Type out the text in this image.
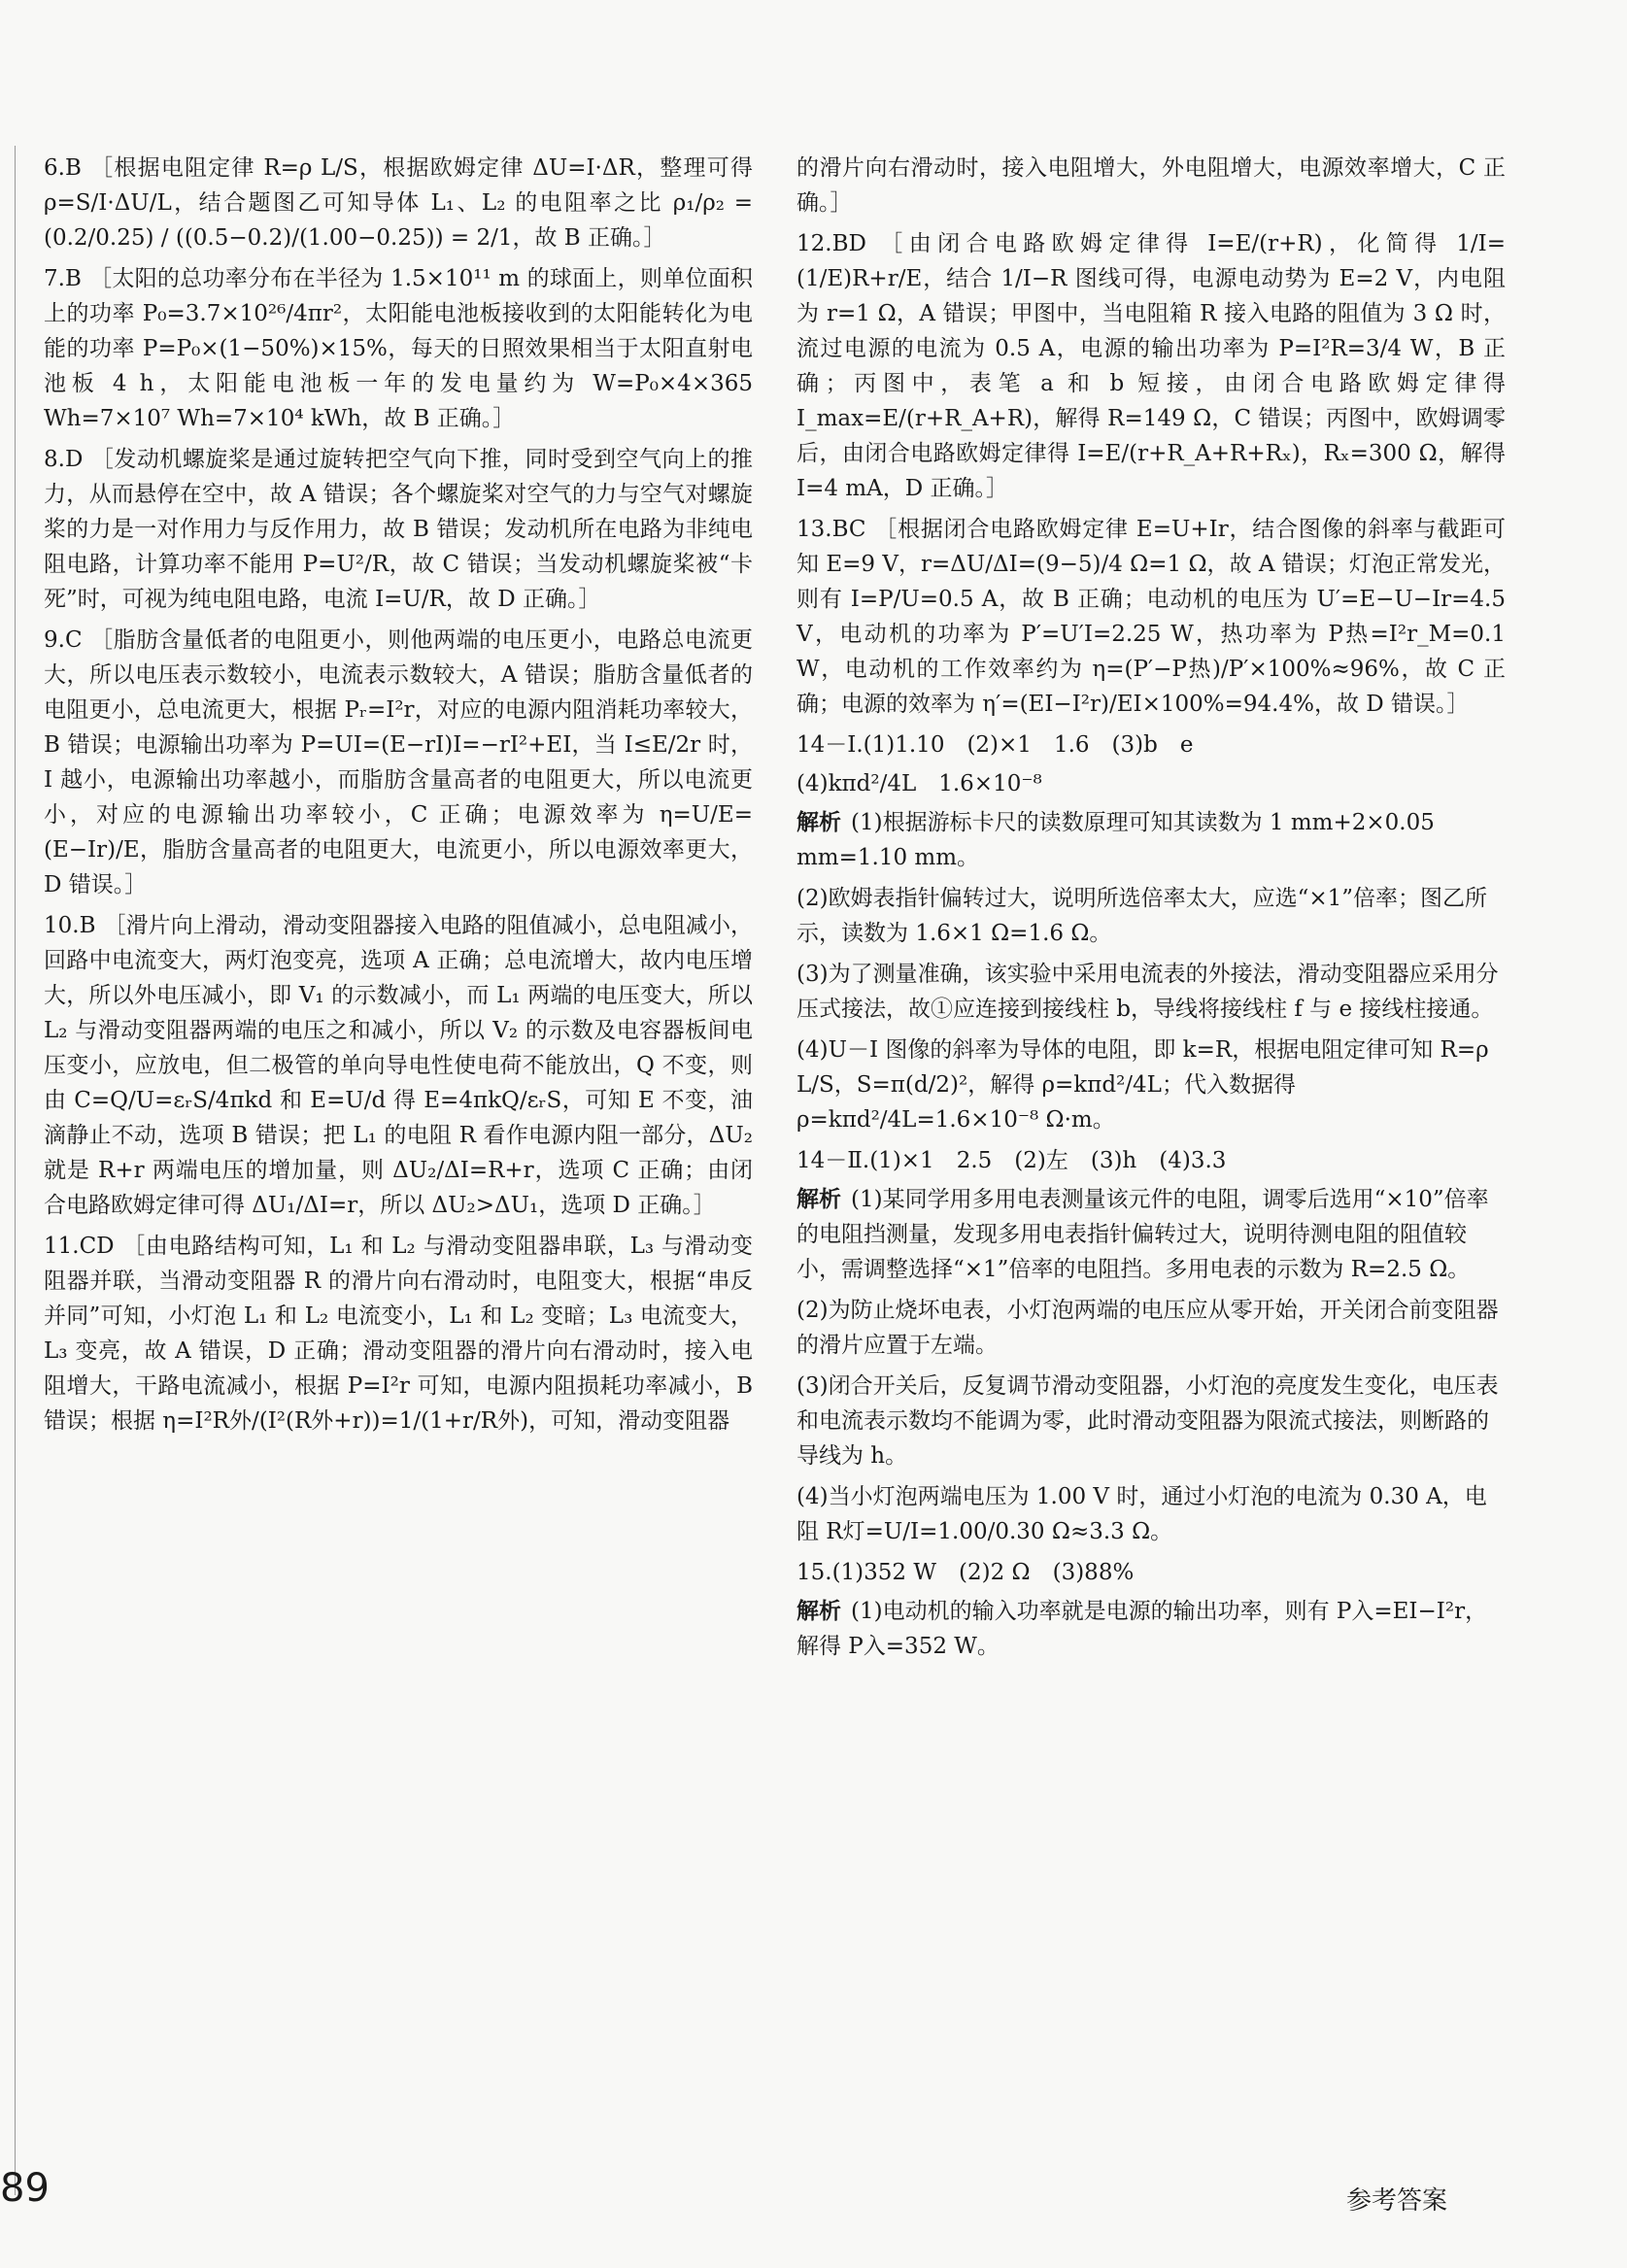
6.B ［根据电阻定律 R=ρ L/S，根据欧姆定律 ΔU=I·ΔR，整理可得 ρ=S/I·ΔU/L，结合题图乙可知导体 L₁、L₂ 的电阻率之比 ρ₁/ρ₂ = (0.2/0.25) / ((0.5−0.2)/(1.00−0.25)) = 2/1，故 B 正确。］

7.B ［太阳的总功率分布在半径为 1.5×10¹¹ m 的球面上，则单位面积上的功率 P₀=3.7×10²⁶/4πr²，太阳能电池板接收到的太阳能转化为电能的功率 P=P₀×(1−50%)×15%，每天的日照效果相当于太阳直射电池板 4 h，太阳能电池板一年的发电量约为 W=P₀×4×365 Wh=7×10⁷ Wh=7×10⁴ kWh，故 B 正确。］

8.D ［发动机螺旋桨是通过旋转把空气向下推，同时受到空气向上的推力，从而悬停在空中，故 A 错误；各个螺旋桨对空气的力与空气对螺旋桨的力是一对作用力与反作用力，故 B 错误；发动机所在电路为非纯电阻电路，计算功率不能用 P=U²/R，故 C 错误；当发动机螺旋桨被“卡死”时，可视为纯电阻电路，电流 I=U/R，故 D 正确。］

9.C ［脂肪含量低者的电阻更小，则他两端的电压更小，电路总电流更大，所以电压表示数较小，电流表示数较大，A 错误；脂肪含量低者的电阻更小，总电流更大，根据 Pᵣ=I²r，对应的电源内阻消耗功率较大，B 错误；电源输出功率为 P=UI=(E−rI)I=−rI²+EI，当 I≤E/2r 时，I 越小，电源输出功率越小，而脂肪含量高者的电阻更大，所以电流更小，对应的电源输出功率较小，C 正确；电源效率为 η=U/E=(E−Ir)/E，脂肪含量高者的电阻更大，电流更小，所以电源效率更大，D 错误。］

10.B ［滑片向上滑动，滑动变阻器接入电路的阻值减小，总电阻减小，回路中电流变大，两灯泡变亮，选项 A 正确；总电流增大，故内电压增大，所以外电压减小，即 V₁ 的示数减小，而 L₁ 两端的电压变大，所以 L₂ 与滑动变阻器两端的电压之和减小，所以 V₂ 的示数及电容器板间电压变小，应放电，但二极管的单向导电性使电荷不能放出，Q 不变，则由 C=Q/U=εᵣS/4πkd 和 E=U/d 得 E=4πkQ/εᵣS，可知 E 不变，油滴静止不动，选项 B 错误；把 L₁ 的电阻 R 看作电源内阻一部分，ΔU₂ 就是 R+r 两端电压的增加量，则 ΔU₂/ΔI=R+r，选项 C 正确；由闭合电路欧姆定律可得 ΔU₁/ΔI=r，所以 ΔU₂>ΔU₁，选项 D 正确。］

11.CD ［由电路结构可知，L₁ 和 L₂ 与滑动变阻器串联，L₃ 与滑动变阻器并联，当滑动变阻器 R 的滑片向右滑动时，电阻变大，根据“串反并同”可知，小灯泡 L₁ 和 L₂ 电流变小，L₁ 和 L₂ 变暗；L₃ 电流变大，L₃ 变亮，故 A 错误，D 正确；滑动变阻器的滑片向右滑动时，接入电阻增大，干路电流减小，根据 P=I²r 可知，电源内阻损耗功率减小，B 错误；根据 η=I²R外/(I²(R外+r))=1/(1+r/R外)，可知，滑动变阻器

的滑片向右滑动时，接入电阻增大，外电阻增大，电源效率增大，C 正确。］

12.BD ［由闭合电路欧姆定律得 I=E/(r+R)，化简得 1/I=(1/E)R+r/E，结合 1/I−R 图线可得，电源电动势为 E=2 V，内电阻为 r=1 Ω，A 错误；甲图中，当电阻箱 R 接入电路的阻值为 3 Ω 时，流过电源的电流为 0.5 A，电源的输出功率为 P=I²R=3/4 W，B 正确；丙图中，表笔 a 和 b 短接，由闭合电路欧姆定律得 I_max=E/(r+R_A+R)，解得 R=149 Ω，C 错误；丙图中，欧姆调零后，由闭合电路欧姆定律得 I=E/(r+R_A+R+Rₓ)，Rₓ=300 Ω，解得 I=4 mA，D 正确。］

13.BC ［根据闭合电路欧姆定律 E=U+Ir，结合图像的斜率与截距可知 E=9 V，r=ΔU/ΔI=(9−5)/4 Ω=1 Ω，故 A 错误；灯泡正常发光，则有 I=P/U=0.5 A，故 B 正确；电动机的电压为 U′=E−U−Ir=4.5 V，电动机的功率为 P′=U′I=2.25 W，热功率为 P热=I²r_M=0.1 W，电动机的工作效率约为 η=(P′−P热)/P′×100%≈96%，故 C 正确；电源的效率为 η′=(EI−I²r)/EI×100%=94.4%，故 D 错误。］

14－Ⅰ.(1)1.10　(2)×1　1.6　(3)b　e

(4)kπd²/4L　1.6×10⁻⁸

解析 (1)根据游标卡尺的读数原理可知其读数为 1 mm+2×0.05 mm=1.10 mm。

(2)欧姆表指针偏转过大，说明所选倍率太大，应选“×1”倍率；图乙所示，读数为 1.6×1 Ω=1.6 Ω。

(3)为了测量准确，该实验中采用电流表的外接法，滑动变阻器应采用分压式接法，故①应连接到接线柱 b，导线将接线柱 f 与 e 接线柱接通。

(4)U－I 图像的斜率为导体的电阻，即 k=R，根据电阻定律可知 R=ρ L/S，S=π(d/2)²，解得 ρ=kπd²/4L；代入数据得 ρ=kπd²/4L=1.6×10⁻⁸ Ω·m。

14－Ⅱ.(1)×1　2.5　(2)左　(3)h　(4)3.3

解析 (1)某同学用多用电表测量该元件的电阻，调零后选用“×10”倍率的电阻挡测量，发现多用电表指针偏转过大，说明待测电阻的阻值较小，需调整选择“×1”倍率的电阻挡。多用电表的示数为 R=2.5 Ω。

(2)为防止烧坏电表，小灯泡两端的电压应从零开始，开关闭合前变阻器的滑片应置于左端。

(3)闭合开关后，反复调节滑动变阻器，小灯泡的亮度发生变化，电压表和电流表示数均不能调为零，此时滑动变阻器为限流式接法，则断路的导线为 h。

(4)当小灯泡两端电压为 1.00 V 时，通过小灯泡的电流为 0.30 A，电阻 R灯=U/I=1.00/0.30 Ω≈3.3 Ω。

15.(1)352 W　(2)2 Ω　(3)88%

解析 (1)电动机的输入功率就是电源的输出功率，则有 P入=EI−I²r，解得 P入=352 W。

89	参考答案
